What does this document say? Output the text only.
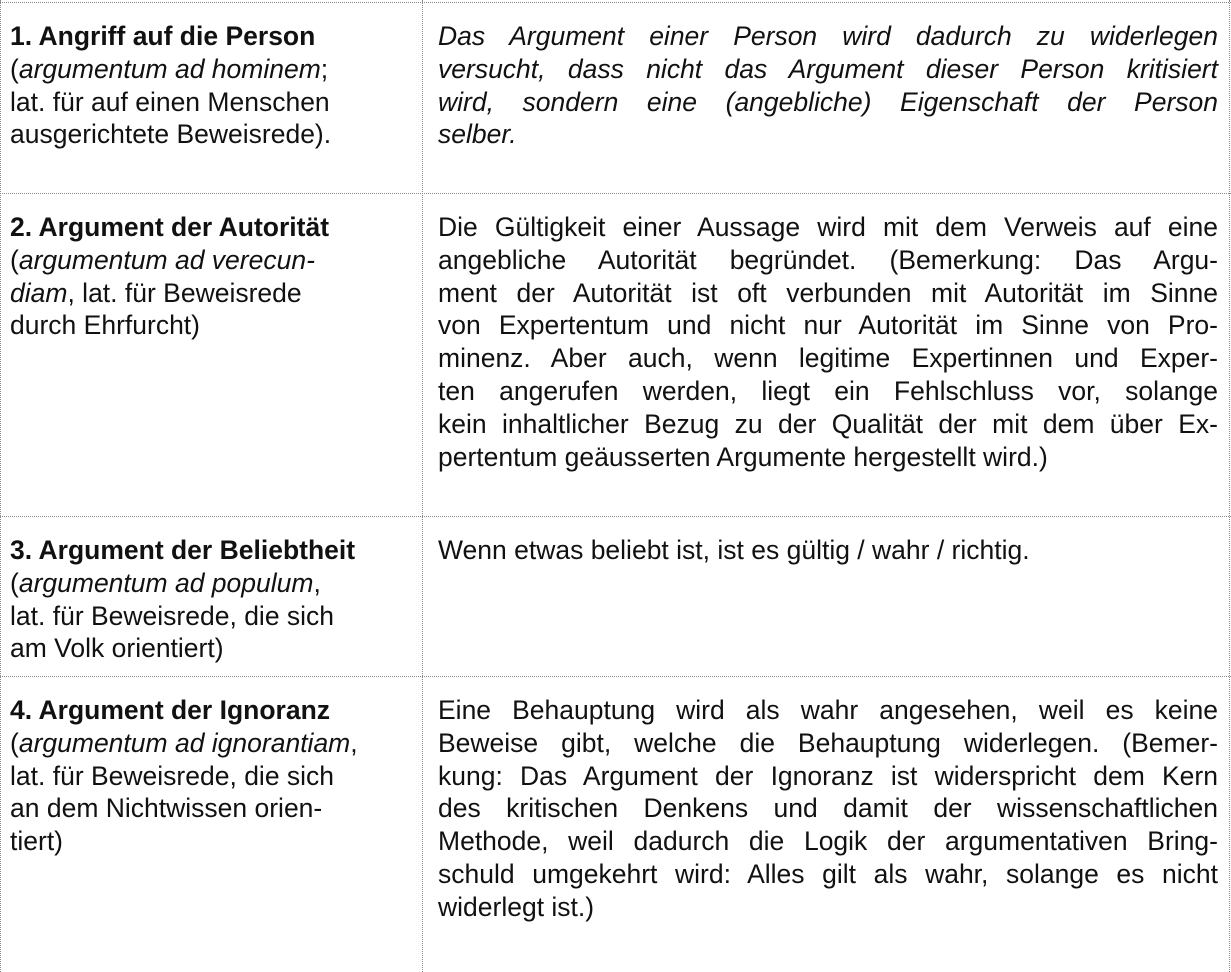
1. Angriff auf die Person
(argumentum ad hominem;
lat. für auf einen Menschen
ausgerichtete Beweisrede).
Das Argument einer Person wird dadurch zu widerlegen
versucht, dass nicht das Argument dieser Person kritisiert
wird, sondern eine (angebliche) Eigenschaft der Person
selber.
2. Argument der Autorität
(argumentum ad verecun-
diam, lat. für Beweisrede
durch Ehrfurcht)
Die Gültigkeit einer Aussage wird mit dem Verweis auf eine
angebliche Autorität begründet. (Bemerkung: Das Argu-
ment der Autorität ist oft verbunden mit Autorität im Sinne
von Expertentum und nicht nur Autorität im Sinne von Pro-
minenz. Aber auch, wenn legitime Expertinnen und Exper-
ten angerufen werden, liegt ein Fehlschluss vor, solange
kein inhaltlicher Bezug zu der Qualität der mit dem über Ex-
pertentum geäusserten Argumente hergestellt wird.)
3. Argument der Beliebtheit
(argumentum ad populum,
lat. für Beweisrede, die sich
am Volk orientiert)
Wenn etwas beliebt ist, ist es gültig / wahr / richtig.
4. Argument der Ignoranz
(argumentum ad ignorantiam,
lat. für Beweisrede, die sich
an dem Nichtwissen orien-
tiert)
Eine Behauptung wird als wahr angesehen, weil es keine
Beweise gibt, welche die Behauptung widerlegen. (Bemer-
kung: Das Argument der Ignoranz ist widerspricht dem Kern
des kritischen Denkens und damit der wissenschaftlichen
Methode, weil dadurch die Logik der argumentativen Bring-
schuld umgekehrt wird: Alles gilt als wahr, solange es nicht
widerlegt ist.)
